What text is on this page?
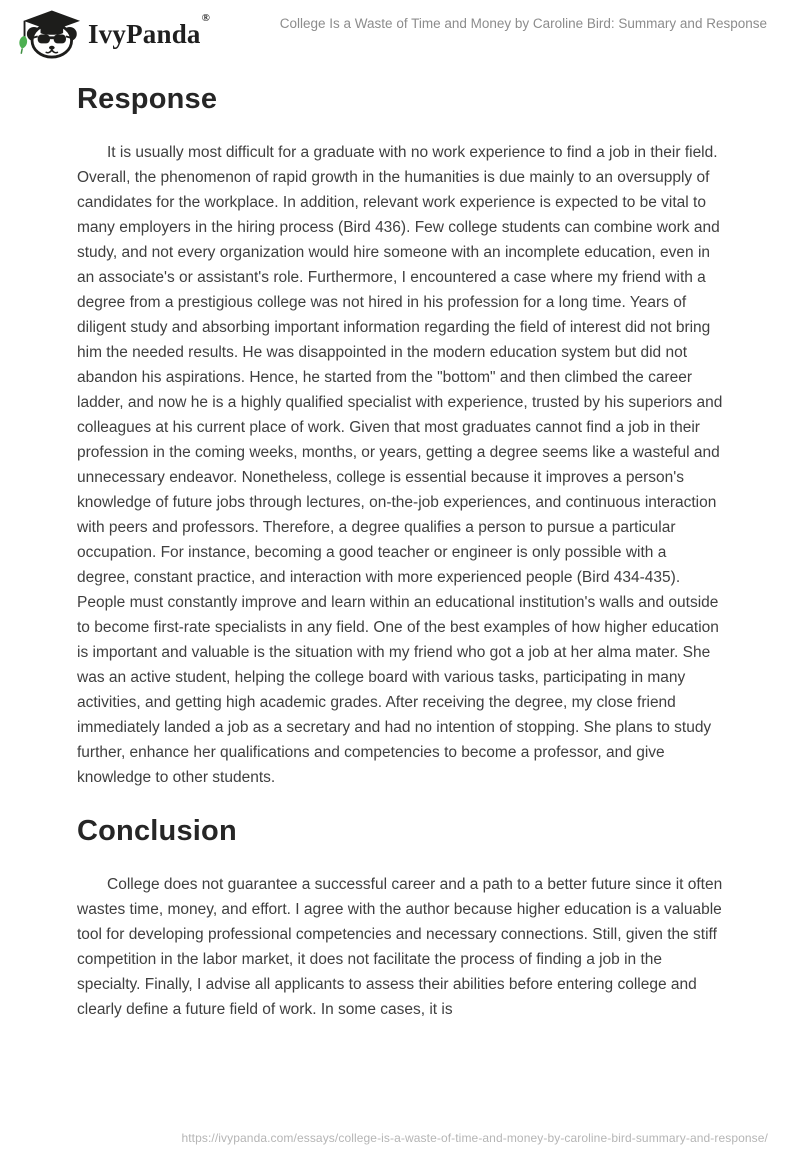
IvyPanda®	College Is a Waste of Time and Money by Caroline Bird: Summary and Response
Response

It is usually most difficult for a graduate with no work experience to find a job in their field. Overall, the phenomenon of rapid growth in the humanities is due mainly to an oversupply of candidates for the workplace. In addition, relevant work experience is expected to be vital to many employers in the hiring process (Bird 436). Few college students can combine work and study, and not every organization would hire someone with an incomplete education, even in an associate's or assistant's role. Furthermore, I encountered a case where my friend with a degree from a prestigious college was not hired in his profession for a long time. Years of diligent study and absorbing important information regarding the field of interest did not bring him the needed results. He was disappointed in the modern education system but did not abandon his aspirations. Hence, he started from the "bottom" and then climbed the career ladder, and now he is a highly qualified specialist with experience, trusted by his superiors and colleagues at his current place of work. Given that most graduates cannot find a job in their profession in the coming weeks, months, or years, getting a degree seems like a wasteful and unnecessary endeavor. Nonetheless, college is essential because it improves a person's knowledge of future jobs through lectures, on-the-job experiences, and continuous interaction with peers and professors. Therefore, a degree qualifies a person to pursue a particular occupation. For instance, becoming a good teacher or engineer is only possible with a degree, constant practice, and interaction with more experienced people (Bird 434-435). People must constantly improve and learn within an educational institution's walls and outside to become first-rate specialists in any field. One of the best examples of how higher education is important and valuable is the situation with my friend who got a job at her alma mater. She was an active student, helping the college board with various tasks, participating in many activities, and getting high academic grades. After receiving the degree, my close friend immediately landed a job as a secretary and had no intention of stopping. She plans to study further, enhance her qualifications and competencies to become a professor, and give knowledge to other students.

Conclusion

College does not guarantee a successful career and a path to a better future since it often wastes time, money, and effort. I agree with the author because higher education is a valuable tool for developing professional competencies and necessary connections. Still, given the stiff competition in the labor market, it does not facilitate the process of finding a job in the specialty. Finally, I advise all applicants to assess their abilities before entering college and clearly define a future field of work. In some cases, it is

https://ivypanda.com/essays/college-is-a-waste-of-time-and-money-by-caroline-bird-summary-and-response/
